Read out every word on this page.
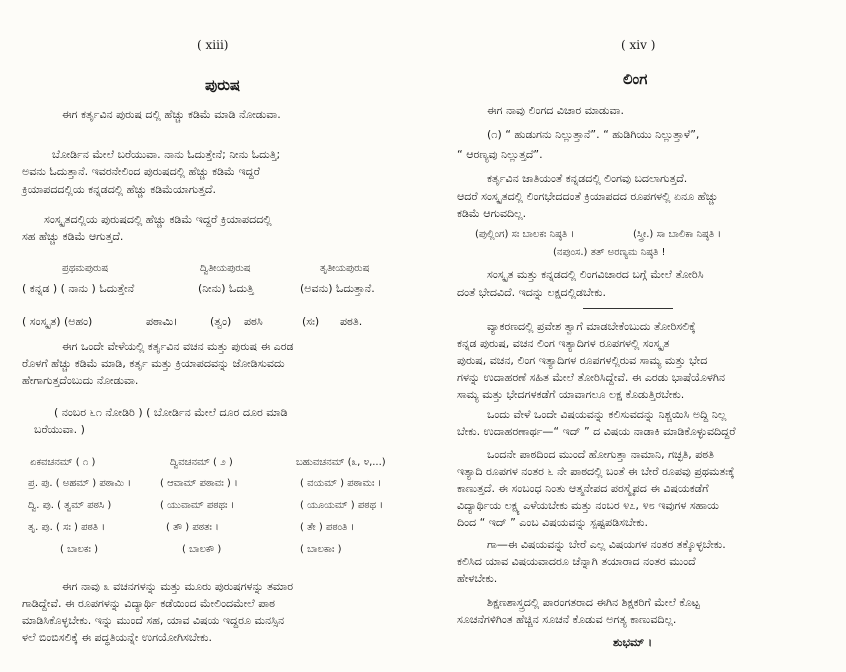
( xiii)
ಪುರುಷ
ಈಗ ಕರ್ತೃವಿನ ಪುರುಷ ದಲ್ಲಿ ಹೆಚ್ಚು ಕಡಿಮೆ ಮಾಡಿ ನೋಡುವಾ.
ಬೋರ್ಡಿನ ಮೇಲೆ ಬರೆಯುವಾ. ನಾನು ಓದುತ್ತೇನೆ; ನೀನು ಓದುತ್ತಿ;
ಅವನು ಓದುತ್ತಾನೆ. ಇವರನೇಲಿಂದ ಪುರುಷದಲ್ಲಿ ಹೆಚ್ಚು ಕಡಿಮೆ ಇದ್ದರೆ
ಕ್ರಿಯಾಪದದಲ್ಲಿಯ ಕನ್ನಡದಲ್ಲಿ ಹೆಚ್ಚು ಕಡಿಮೆಯಾಗುತ್ತದೆ.
ಸಂಸ್ಕೃತದಲ್ಲಿಯ ಪುರುಷದಲ್ಲಿ ಹೆಚ್ಚು ಕಡಿಮೆ ಇದ್ದರೆ ಕ್ರಿಯಾಪದದಲ್ಲಿ
ಸಹ ಹೆಚ್ಚು ಕಡಿಮೆ ಆಗುತ್ತದೆ.
ಪ್ರಥಮಪುರುಷ	ದ್ವಿತೀಯಪುರುಷ	ತೃತೀಯಪುರುಷ
( ಕನ್ನಡ ) ( ನಾನು ) ಓದುತ್ತೇನೆ	(ನೀನು) ಓದುತ್ತಿ	(ಅವನು) ಓದುತ್ತಾನೆ.
( ಸಂಸ್ಕೃತ) (ಅಹಂ)	ಪಠಾಮಿ।	(ತ್ವಂ) ಪಠಸಿ	(ಸಃ) ಪಠತಿ.
ಈಗ ಒಂದೇ ವೇಳೆಯಲ್ಲಿ ಕರ್ತೃವಿನ ವಚನ ಮತ್ತು ಪುರುಷ ಈ ಎರಡ
ರೊಳಗೆ ಹೆಚ್ಚು ಕಡಿಮೆ ಮಾಡಿ, ಕರ್ತೃ ಮತ್ತು ಕ್ರಿಯಾಪದವನ್ನು ಜೋಡಿಸುವದು
ಹೇಗಾಗುತ್ತದೆಂಬುದು ನೋಡುವಾ.
( ನಂಬರ ೬೧ ನೋಡಿರಿ ) ( ಬೋರ್ಡಿನ ಮೇಲೆ ದೂರ ದೂರ ಮಾಡಿ
ಬರೆಯುವಾ. )
ಏಕವಚನಮ್ ( ೧ )	ದ್ವಿವಚನಮ್ ( ೨ )	ಬಹುವಚನಮ್ (೩, ೪,...)
ಪ್ರ. ಪು. ( ಅಹಮ್ ) ಪಠಾಮಿ ।	( ಆವಾಮ್ ಪಠಾವಃ ) ।	( ವಯಮ್ ) ಪಠಾಮಃ ।
ದ್ವಿ. ಪು. ( ತ್ವಮ್ ಪಠಸಿ )	( ಯುವಾಮ್ ಪಠಥಃ ।	( ಯೂಯಮ್ ) ಪಠಥ ।
ತೃ. ಪು. ( ಸಃ ) ಪಠತಿ ।	( ತೌ ) ಪಠತಃ ।	( ತೇ ) ಪಠಂತಿ ।
( ಬಾಲಕಃ )	( ಬಾಲಕೌ )	( ಬಾಲಕಾಃ )
ಈಗ ನಾವು ೩ ವಚನಗಳನ್ನು ಮತ್ತು ಮೂರು ಪುರುಷಗಳನ್ನು ತಮಾರ
ಗಾಡಿದ್ದೇವೆ. ಈ ರೂಪಗಳನ್ನು ವಿದ್ಯಾರ್ಥಿ ಕಡೆಯಿಂದ ಮೇಲಿಂದಮೇಲೆ ಪಾಠ
ಮಾಡಿಸಿಕೊಳ್ಳಬೇಕು. ಇನ್ನು ಮುಂದೆ ಸಹ, ಯಾವ ವಿಷಯ ಇದ್ದರೂ ಮನಸ್ಸಿನ
ಳಲೆ ಬಿಂಬಿಸಲಿಕ್ಕೆ ಈ ಪದ್ಧತಿಯನ್ನೇ ಉಗಯೋಗಿಸಬೇಕು.
( xiv )
ಲಿಂಗ
ಈಗ ನಾವು ಲಿಂಗದ ವಿಚಾರ ಮಾಡುವಾ.
(೧) “ ಹುಡುಗನು ನಿಲ್ಲುತ್ತಾನೆ”. “ ಹುಡಿಗಿಯು ನಿಲ್ಲುತ್ತಾಳೆ”,
“ ಆರಣ್ಯವು ನಿಲ್ಲುತ್ತದೆ”.
ಕರ್ತೃವಿನ ಜಾತಿಯಂತೆ ಕನ್ನಡದಲ್ಲಿ ಲಿಂಗವು ಬದಲಾಗುತ್ತದೆ.
ಆದರೆ ಸಂಸ್ಕೃತದಲ್ಲಿ ಲಿಂಗಭೇದದಂತೆ ಕ್ರಿಯಾಪದದ ರೂಪಗಳಲ್ಲಿ ಏನೂ ಹೆಚ್ಚು
ಕಡಿಮೆ ಆಗುವದಿಲ್ಲ.
(ಪುಲ್ಲಿಂಗ) ಸಃ ಬಾಲಕಃ ನಿಷ್ಠತಿ ।	(ಸ್ತ್ರೀ.) ಸಾ ಬಾಲಿಕಾ ನಿಷ್ಠತಿ ।
(ನಪುಂಸ.) ತತ್ ಅರಣ್ಯಮ ನಿಷ್ಠತಿ !
ಸಂಸ್ಕೃತ ಮತ್ತು ಕನ್ನಡದಲ್ಲಿ ಲಿಂಗವಿಚಾರದ ಬಗ್ಗೆ ಮೇಲೆ ತೋರಿಸಿ
ದಂತೆ ಭೇದವಿದೆ. ಇದನ್ನು ಲಕ್ಷದಲ್ಲಿಡಬೇಕು.
ವ್ಯಾಕರಣದಲ್ಲಿ ಪ್ರವೇಶ ತ್ವಾಗೆ ಮಾಡಬೇಕೆಂಬುದು ತೋರಿಸಲಿಕ್ಕೆ
ಕನ್ನಡ ಪುರುಷ, ವಚನ ಲಿಂಗ ಇತ್ಯಾದಿಗಳ ರೂಪಗಳಲ್ಲಿ ಸಂಸ್ಕೃತ
ಪುರುಷ, ವಚನ, ಲಿಂಗ ಇತ್ಯಾದಿಗಳ ರೂಪಗಳಲ್ಲಿರುವ ಸಾಮ್ಯ ಮತ್ತು ಭೇದ
ಗಳನ್ನು ಉದಾಹರಣೆ ಸಹಿತ ಮೇಲೆ ತೋರಿಸಿದ್ದೇವೆ. ಈ ಎರಡು ಭಾಷೆಯೊಳಗಿನ
ಸಾಮ್ಯ ಮತ್ತು ಭೇದಗಳಕಡೆಗೆ ಯಾವಾಗಲೂ ಲಕ್ಷ ಕೊಡುತ್ತಿರಬೇಕು.
ಒಂದು ವೇಳೆ ಒಂದೇ ವಿಷಯವನ್ನು ಕಲಿಸುವದನ್ನು ನಿಶ್ಚಯಿಸಿ ಅದ್ದಿ ನಿಲ್ಲ
ಬೇಕು. ಉದಾಹರಣಾರ್ಥ—“ ಇದ್ ” ದ ವಿಷಯ ನಾಡಾಕಿ ಮಾಡಿಕೊಳ್ಳುವದಿದ್ದರೆ
ಒಂದನೇ ಪಾಠದಿಂದ ಮುಂದೆ ಹೋಗುತ್ತಾ ನಾಮಾನಿ, ಗಚ್ಛತಿ, ಪಠತಿ
ಇತ್ಯಾದಿ ರೂಪಗಳ ನಂತರ ೬ ನೇ ಪಾಠದಲ್ಲಿ ಬಂತೆ ಈ ಬೇರೆ ರೂಪವು ಪ್ರಥಮತಃಕ್ಕೆ
ಕಾಣುತ್ತದೆ. ಈ ಸಂಬಂಧ ನಿಂತು ಆತ್ಮನೇಪದ ಪರಸ್ಮೈಪದ ಈ ವಿಷಯಕಡೆಗೆ
ವಿದ್ಯಾರ್ಥಿಯ ಲಕ್ಷ್ಯ ಎಳೆಯಬೇಕು ಮತ್ತು ನಂಬರ ೪೭, ೪೮ ಇವುಗಳ ಸಹಾಯ
ದಿಂದ “ ಇದ್ ” ಎಂಬ ವಿಷಯವನ್ನು ಸ್ಪಷ್ಟಪಡಿಸಬೇಕು.
ಗಾ—ಈ ವಿಷಯವನ್ನು ಬೇರೆ ಎಲ್ಲ ವಿಷಯಗಳ ನಂತರ ತಕ್ಕೊಳ್ಳಬೇಕು.
ಕಲಿಸಿದ ಯಾವ ವಿಷಯವಾದರೂ ಚೆನ್ನಾಗಿ ತಯಾರಾದ ನಂತರ ಮುಂದೆ
ಹೇಳಬೇಕು.
ಶಿಕ್ಷಣಶಾಸ್ತ್ರದಲ್ಲಿ ಪಾರಂಗತರಾದ ಈಗಿನ ಶಿಕ್ಷಕರಿಗೆ ಮೇಲೆ ಕೊಟ್ಟ
ಸೂಚನೆಗಳಿಗಿಂತ ಹೆಚ್ಚಿನ ಸೂಚನೆ ಕೊಡುವ ಅಗತ್ಯ ಕಾಣುವದಿಲ್ಲ.
ಶುಭಮ್ ।
